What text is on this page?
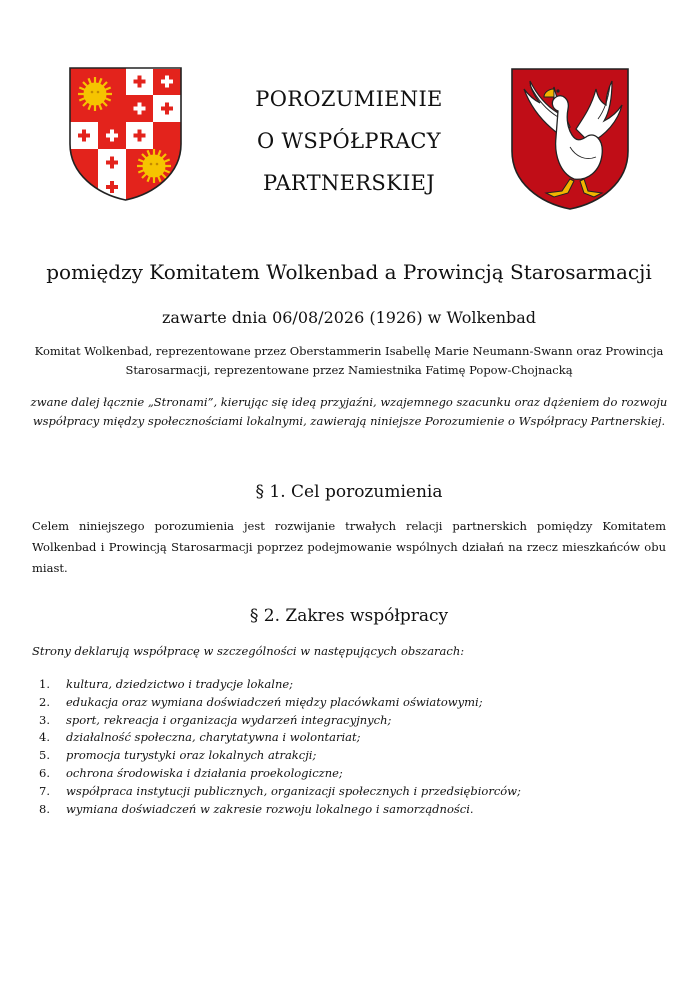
POROZUMIENIE
O WSPÓŁPRACY
PARTNERSKIEJ
pomiędzy Komitatem Wolkenbad a Prowincją Starosarmacji
zawarte dnia 06/08/2026 (1926) w Wolkenbad
Komitat Wolkenbad, reprezentowane przez Oberstammerin Isabellę Marie Neumann-Swann oraz Prowincja Starosarmacji, reprezentowane przez Namiestnika Fatimę Popow-Chojnacką
zwane dalej łącznie „Stronami”, kierując się ideą przyjaźni, wzajemnego szacunku oraz dążeniem do rozwoju współpracy między społecznościami lokalnymi, zawierają niniejsze Porozumienie o Współpracy Partnerskiej.
§ 1. Cel porozumienia
Celem niniejszego porozumienia jest rozwijanie trwałych relacji partnerskich pomiędzy Komitatem Wolkenbad i Prowincją Starosarmacji poprzez podejmowanie wspólnych działań na rzecz mieszkańców obu miast.
§ 2. Zakres współpracy
Strony deklarują współpracę w szczególności w następujących obszarach:
1.	kultura, dziedzictwo i tradycje lokalne;
2.	edukacja oraz wymiana doświadczeń między placówkami oświatowymi;
3.	sport, rekreacja i organizacja wydarzeń integracyjnych;
4.	działalność społeczna, charytatywna i wolontariat;
5.	promocja turystyki oraz lokalnych atrakcji;
6.	ochrona środowiska i działania proekologiczne;
7.	współpraca instytucji publicznych, organizacji społecznych i przedsiębiorców;
8.	wymiana doświadczeń w zakresie rozwoju lokalnego i samorządności.
